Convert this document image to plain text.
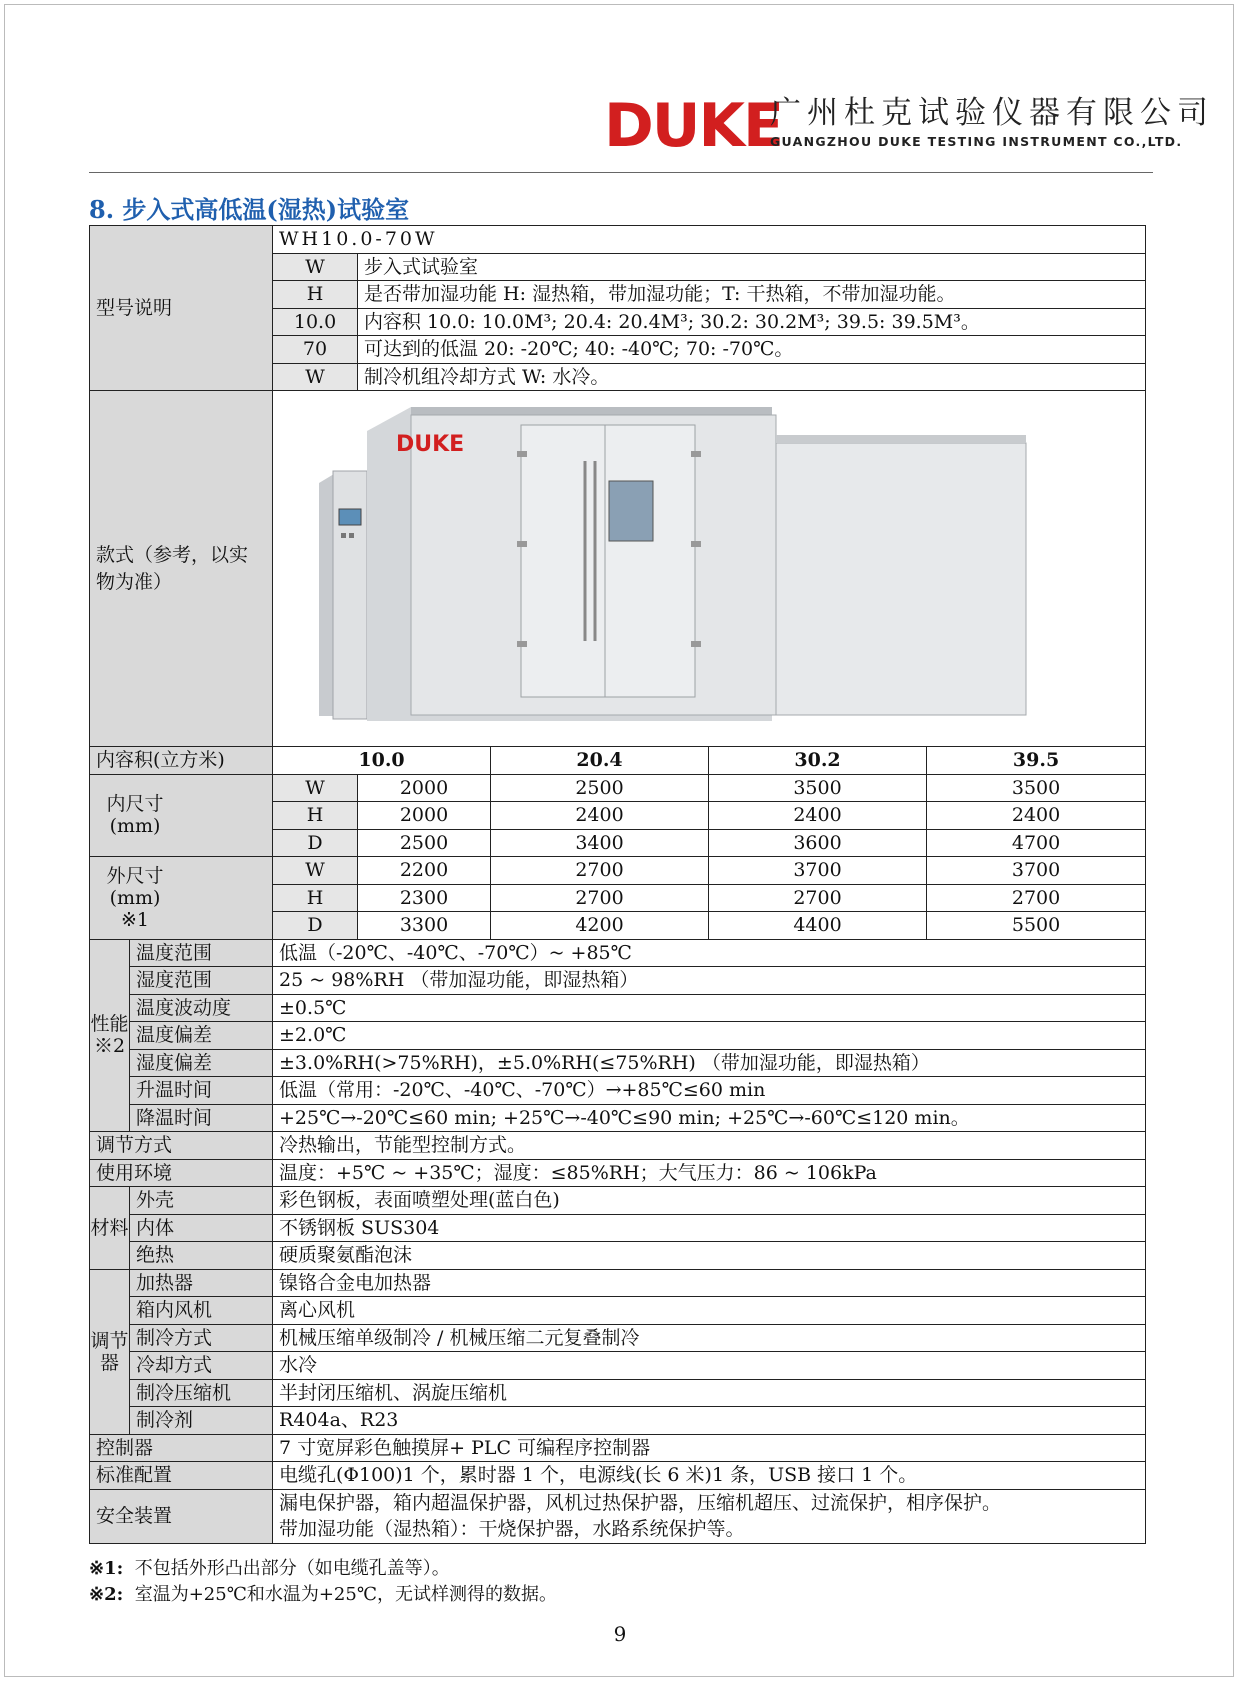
DUKE
广州杜克试验仪器有限公司
GUANGZHOU DUKE TESTING INSTRUMENT CO.,LTD.
8. 步入式高低温(湿热)试验室
型号说明		WH10.0-70W				
		W	步入式试验室			
		H	是否带加湿功能 H: 湿热箱，带加湿功能；T: 干热箱，不带加湿功能。			
		10.0	内容积 10.0: 10.0M³; 20.4: 20.4M³; 30.2: 30.2M³; 39.5: 39.5M³。			
		70	可达到的低温 20: -20℃; 40: -40℃; 70: -70℃。			
		W	制冷机组冷却方式 W: 水冷。			

款式（参考，以实
物为准）		DUKE				

内容积(立方米)		10.0		20.4	30.2	39.5

内尺寸
(mm)		W	2000	2500	3500	3500
		H	2000	2400	2400	2400
		D	2500	3400	3600	4700

外尺寸
(mm)
※1		W	2200	2700	3700	3700
		H	2300	2700	2700	2700
		D	3300	4200	4400	5500
性能※2	温度范围	低温（-20℃、-40℃、-70℃）~ +85℃				
	湿度范围	25 ~ 98%RH （带加湿功能，即湿热箱）				
	温度波动度	±0.5℃				
	温度偏差	±2.0℃				
	湿度偏差	±3.0%RH(>75%RH)，±5.0%RH(≤75%RH) （带加湿功能，即湿热箱）				
	升温时间	低温（常用：-20℃、-40℃、-70℃）→+85℃≤60 min				
	降温时间	+25℃→-20℃≤60 min; +25℃→-40℃≤90 min; +25℃→-60℃≤120 min。				
调节方式		冷热输出，节能型控制方式。				
使用环境		温度：+5℃ ~ +35℃；湿度：≤85%RH；大气压力：86 ~ 106kPa				
材料	外壳	彩色钢板，表面喷塑处理(蓝白色)				
	内体	不锈钢板 SUS304				
	绝热	硬质聚氨酯泡沫				
调节器	加热器	镍铬合金电加热器				
	箱内风机	离心风机				
	制冷方式	机械压缩单级制冷 / 机械压缩二元复叠制冷				
	冷却方式	水冷				
	制冷压缩机	半封闭压缩机、涡旋压缩机				
	制冷剂	R404a、R23				
控制器		7 寸宽屏彩色触摸屏+ PLC 可编程序控制器				
标准配置		电缆孔(Φ100)1 个，累时器 1 个，电源线(长 6 米)1 条，USB 接口 1 个。				
安全装置		漏电保护器，箱内超温保护器，风机过热保护器，压缩机超压、过流保护，相序保护。
带加湿功能（湿热箱）：干烧保护器，水路系统保护等。				
※1: 不包括外形凸出部分（如电缆孔盖等）。
※2: 室温为+25℃和水温为+25℃，无试样测得的数据。
9
